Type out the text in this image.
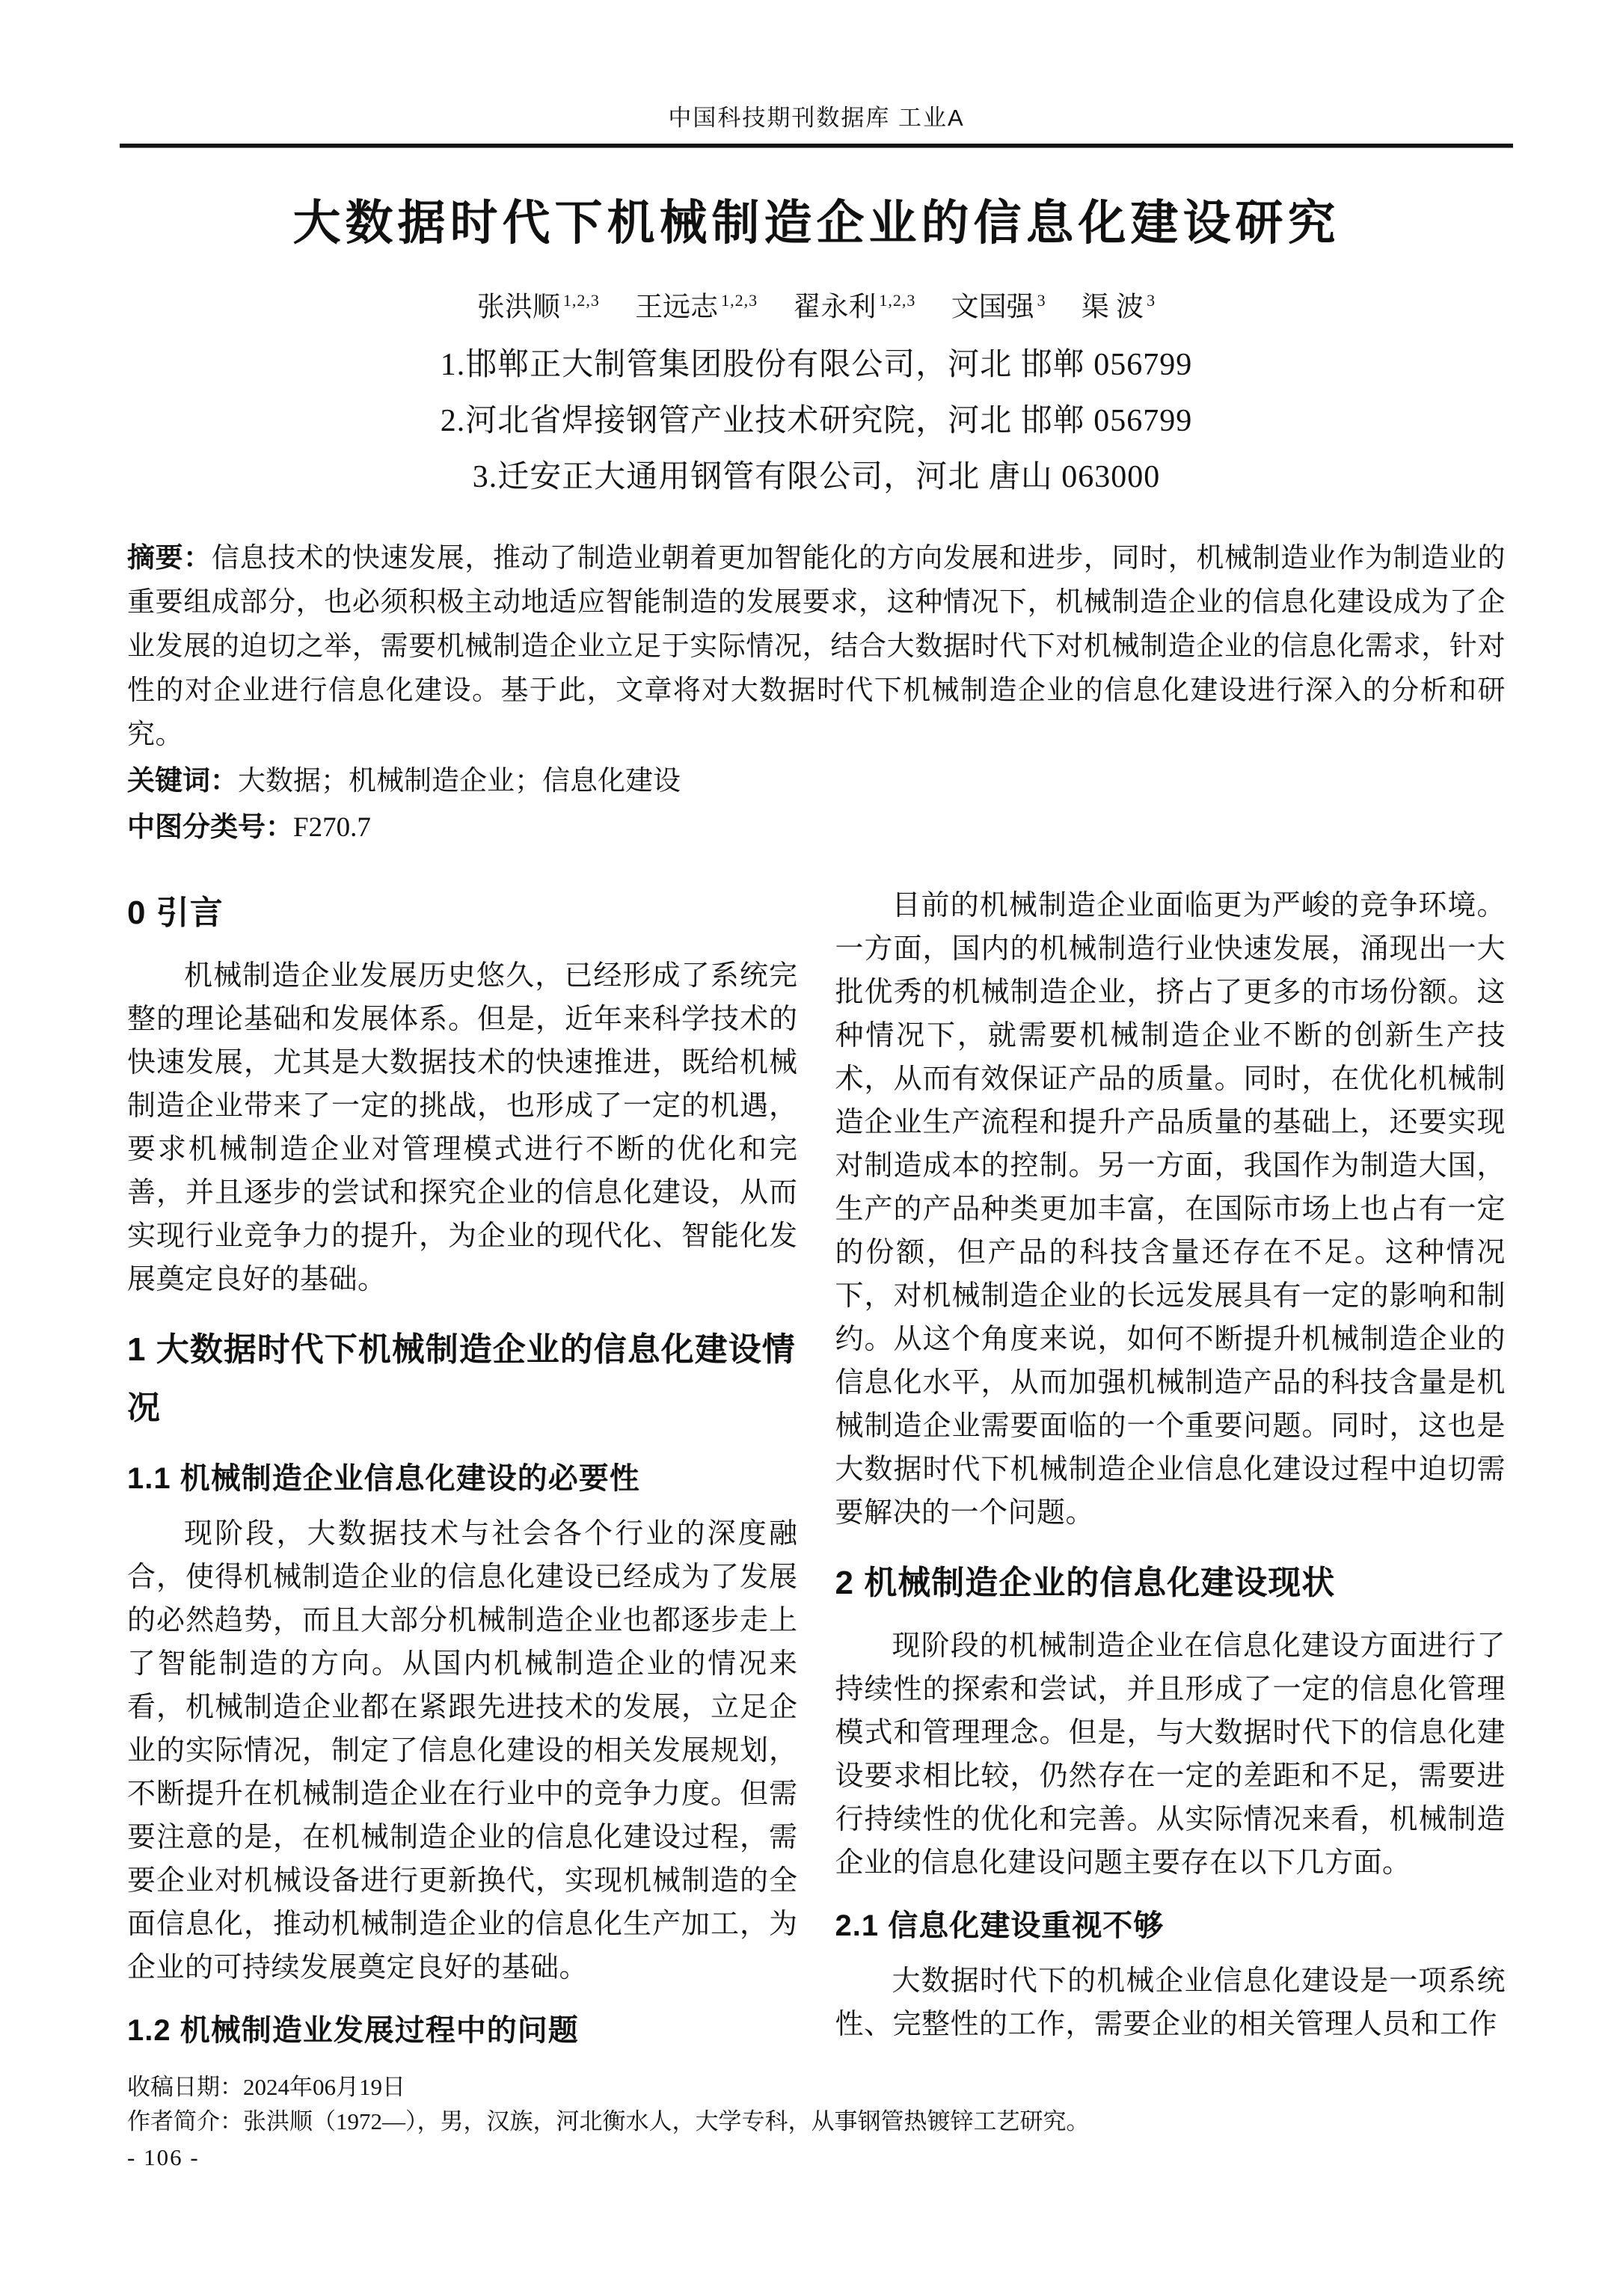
中国科技期刊数据库 工业A
大数据时代下机械制造企业的信息化建设研究
张洪顺 $^{1,2,3}$ 王远志 $^{1,2,3}$ 翟永利 $^{1,2,3}$ 文国强 $^3$ 渠 波 $^3$
1.邯郸正大制管集团股份有限公司，河北 邯郸 056799
2.河北省焊接钢管产业技术研究院，河北 邯郸 056799
3.迁安正大通用钢管有限公司，河北 唐山 063000

摘要：信息技术的快速发展，推动了制造业朝着更加智能化的方向发展和进步，同时，机械制造业作为制造业的重要组成部分，也必须积极主动地适应智能制造的发展要求，这种情况下，机械制造企业的信息化建设成为了企业发展的迫切之举，需要机械制造企业立足于实际情况，结合大数据时代下对机械制造企业的信息化需求，针对性的对企业进行信息化建设。基于此，文章将对大数据时代下机械制造企业的信息化建设进行深入的分析和研究。

关键词：大数据；机械制造企业；信息化建设

中图分类号：F270.7

0 引言

机械制造企业发展历史悠久，已经形成了系统完整的理论基础和发展体系。但是，近年来科学技术的快速发展，尤其是大数据技术的快速推进，既给机械制造企业带来了一定的挑战，也形成了一定的机遇，要求机械制造企业对管理模式进行不断的优化和完善，并且逐步的尝试和探究企业的信息化建设，从而实现行业竞争力的提升，为企业的现代化、智能化发展奠定良好的基础。

1 大数据时代下机械制造企业的信息化建设情况
1.1 机械制造企业信息化建设的必要性

现阶段，大数据技术与社会各个行业的深度融合，使得机械制造企业的信息化建设已经成为了发展的必然趋势，而且大部分机械制造企业也都逐步走上了智能制造的方向。从国内机械制造企业的情况来看，机械制造企业都在紧跟先进技术的发展，立足企业的实际情况，制定了信息化建设的相关发展规划，不断提升在机械制造企业在行业中的竞争力度。但需要注意的是，在机械制造企业的信息化建设过程，需要企业对机械设备进行更新换代，实现机械制造的全面信息化，推动机械制造企业的信息化生产加工，为企业的可持续发展奠定良好的基础。

1.2 机械制造业发展过程中的问题

目前的机械制造企业面临更为严峻的竞争环境。一方面，国内的机械制造行业快速发展，涌现出一大批优秀的机械制造企业，挤占了更多的市场份额。这种情况下，就需要机械制造企业不断的创新生产技术，从而有效保证产品的质量。同时，在优化机械制造企业生产流程和提升产品质量的基础上，还要实现对制造成本的控制。另一方面，我国作为制造大国，生产的产品种类更加丰富，在国际市场上也占有一定的份额，但产品的科技含量还存在不足。这种情况下，对机械制造企业的长远发展具有一定的影响和制约。从这个角度来说，如何不断提升机械制造企业的信息化水平，从而加强机械制造产品的科技含量是机械制造企业需要面临的一个重要问题。同时，这也是大数据时代下机械制造企业信息化建设过程中迫切需要解决的一个问题。

2 机械制造企业的信息化建设现状

现阶段的机械制造企业在信息化建设方面进行了持续性的探索和尝试，并且形成了一定的信息化管理模式和管理理念。但是，与大数据时代下的信息化建设要求相比较，仍然存在一定的差距和不足，需要进行持续性的优化和完善。从实际情况来看，机械制造企业的信息化建设问题主要存在以下几方面。

2.1 信息化建设重视不够

大数据时代下的机械企业信息化建设是一项系统性、完整性的工作，需要企业的相关管理人员和工作

收稿日期：2024年06月19日
作者简介：张洪顺（1972—），男，汉族，河北衡水人，大学专科，从事钢管热镀锌工艺研究。
- 106 -
